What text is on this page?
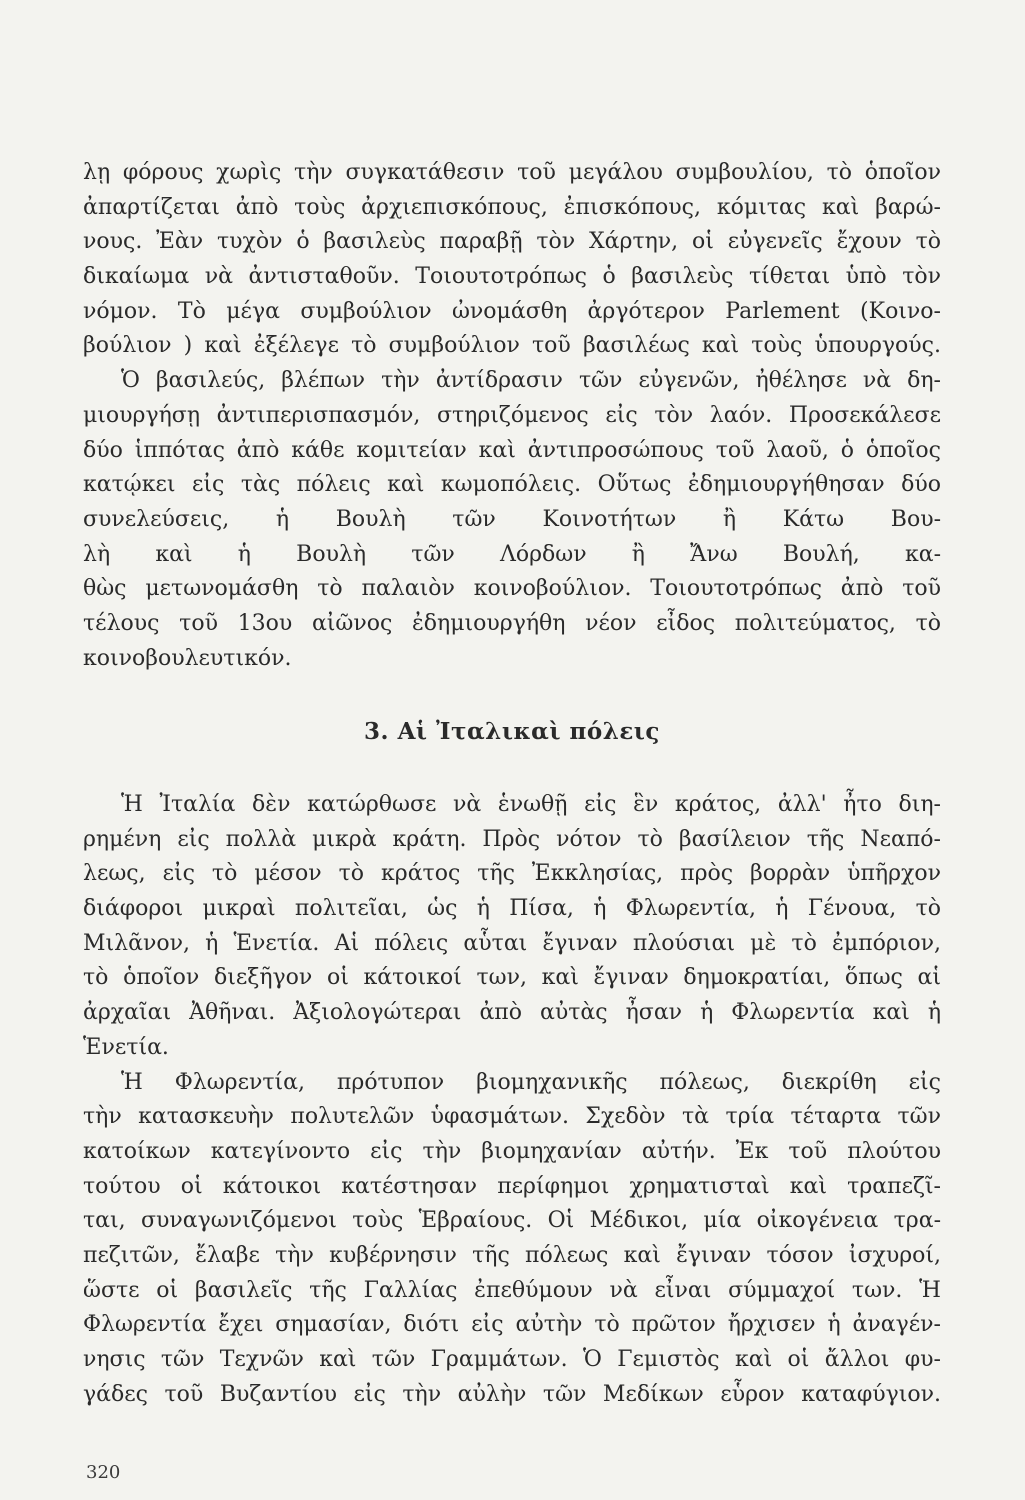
λῃ φόρους χωρὶς τὴν συγκατάθεσιν τοῦ μεγάλου συμβουλίου, τὸ ὁποῖον
ἀπαρτίζεται ἀπὸ τοὺς ἀρχιεπισκόπους, ἐπισκόπους, κόμιτας καὶ βαρώ-
νους. Ἐὰν τυχὸν ὁ βασιλεὺς παραβῇ τὸν Χάρτην, οἱ εὐγενεῖς ἔχουν τὸ
δικαίωμα νὰ ἀντισταθοῦν. Τοιουτοτρόπως ὁ βασιλεὺς τίθεται ὑπὸ τὸν
νόμον. Τὸ μέγα συμβούλιον ὠνομάσθη ἀργότερον Parlement (Κοινο-
βούλιον ) καὶ ἐξέλεγε τὸ συμβούλιον τοῦ βασιλέως καὶ τοὺς ὑπουργούς.
Ὁ βασιλεύς, βλέπων τὴν ἀντίδρασιν τῶν εὐγενῶν, ἠθέλησε νὰ δη-
μιουργήσῃ ἀντιπερισπασμόν, στηριζόμενος εἰς τὸν λαόν. Προσεκάλεσε
δύο ἱππότας ἀπὸ κάθε κομιτείαν καὶ ἀντιπροσώπους τοῦ λαοῦ, ὁ ὁποῖος
κατῴκει εἰς τὰς πόλεις καὶ κωμοπόλεις. Οὕτως ἐδημιουργήθησαν δύο
συνελεύσεις, ἡ Βουλὴ τῶν Κοινοτήτων ἢ Κάτω Βου-
λὴ καὶ ἡ Βουλὴ τῶν Λόρδων ἢ Ἄνω Βουλή, κα-
θὼς μετωνομάσθη τὸ παλαιὸν κοινοβούλιον. Τοιουτοτρόπως ἀπὸ τοῦ
τέλους τοῦ 13ου αἰῶνος ἐδημιουργήθη νέον εἶδος πολιτεύματος, τὸ
κοινοβουλευτικόν.
3. Αἱ Ἰταλικαὶ πόλεις
Ἡ Ἰταλία δὲν κατώρθωσε νὰ ἑνωθῇ εἰς ἓν κράτος, ἀλλ' ἦτο διη-
ρημένη εἰς πολλὰ μικρὰ κράτη. Πρὸς νότον τὸ βασίλειον τῆς Νεαπό-
λεως, εἰς τὸ μέσον τὸ κράτος τῆς Ἐκκλησίας, πρὸς βορρὰν ὑπῆρχον
διάφοροι μικραὶ πολιτεῖαι, ὡς ἡ Πίσα, ἡ Φλωρεντία, ἡ Γένουα, τὸ
Μιλᾶνον, ἡ Ἑνετία. Αἱ πόλεις αὗται ἔγιναν πλούσιαι μὲ τὸ ἐμπόριον,
τὸ ὁποῖον διεξῆγον οἱ κάτοικοί των, καὶ ἔγιναν δημοκρατίαι, ὅπως αἱ
ἀρχαῖαι Ἀθῆναι. Ἀξιολογώτεραι ἀπὸ αὐτὰς ἦσαν ἡ Φλωρεντία καὶ ἡ
Ἑνετία.
Ἡ Φλωρεντία, πρότυπον βιομηχανικῆς πόλεως, διεκρίθη εἰς
τὴν κατασκευὴν πολυτελῶν ὑφασμάτων. Σχεδὸν τὰ τρία τέταρτα τῶν
κατοίκων κατεγίνοντο εἰς τὴν βιομηχανίαν αὐτήν. Ἐκ τοῦ πλούτου
τούτου οἱ κάτοικοι κατέστησαν περίφημοι χρηματισταὶ καὶ τραπεζῖ-
ται, συναγωνιζόμενοι τοὺς Ἑβραίους. Οἱ Μέδικοι, μία οἰκογένεια τρα-
πεζιτῶν, ἔλαβε τὴν κυβέρνησιν τῆς πόλεως καὶ ἔγιναν τόσον ἰσχυροί,
ὥστε οἱ βασιλεῖς τῆς Γαλλίας ἐπεθύμουν νὰ εἶναι σύμμαχοί των. Ἡ
Φλωρεντία ἔχει σημασίαν, διότι εἰς αὐτὴν τὸ πρῶτον ἤρχισεν ἡ ἀναγέν-
νησις τῶν Τεχνῶν καὶ τῶν Γραμμάτων. Ὁ Γεμιστὸς καὶ οἱ ἄλλοι φυ-
γάδες τοῦ Βυζαντίου εἰς τὴν αὐλὴν τῶν Μεδίκων εὗρον καταφύγιον.
320
